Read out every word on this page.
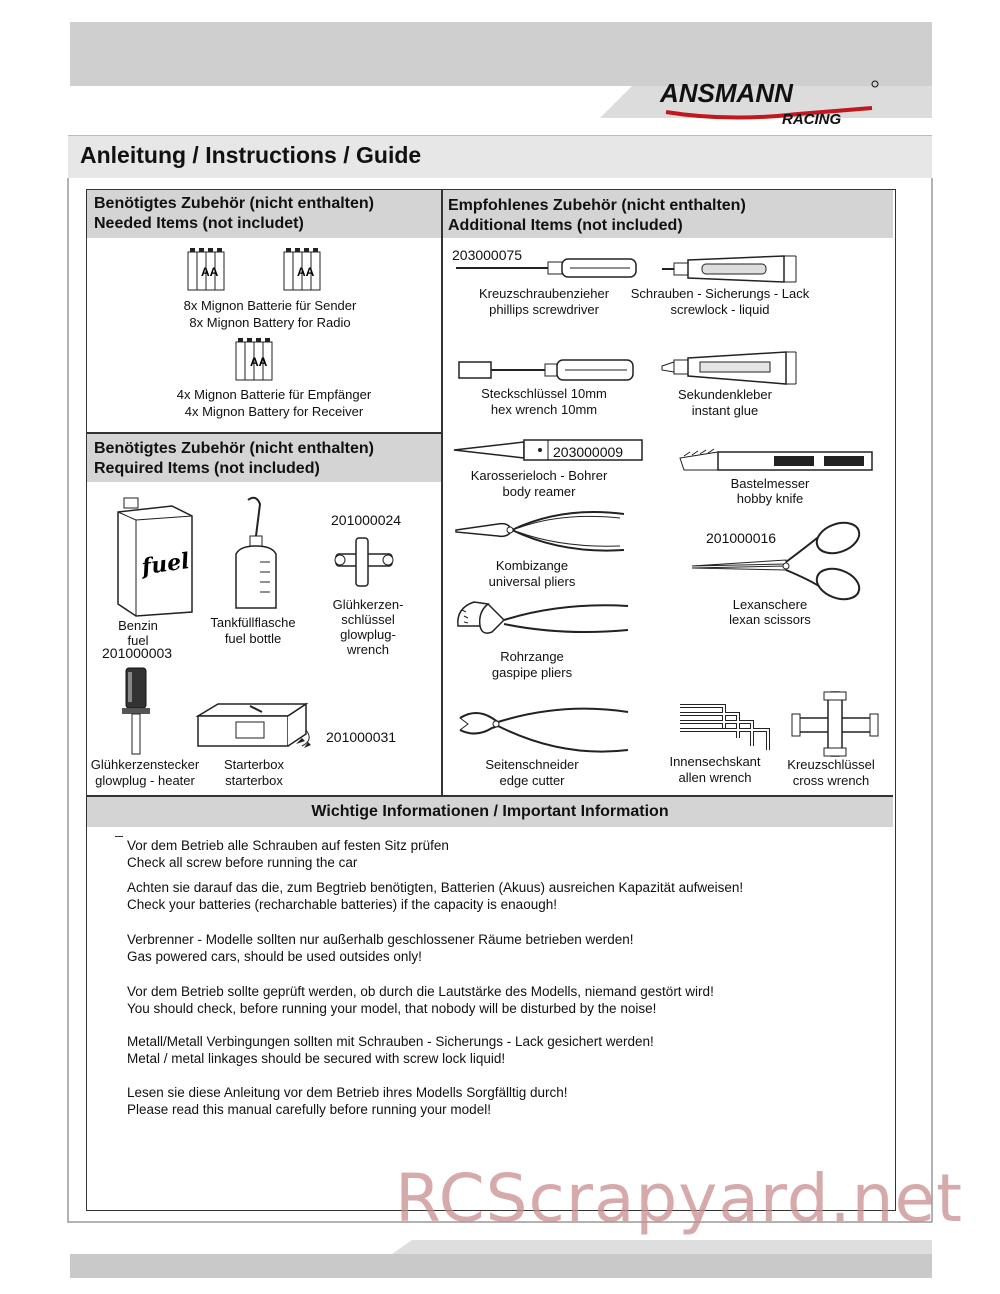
ANSMANN
RACING
Anleitung / Instructions / Guide
Benötigtes Zubehör (nicht enthalten)
Needed Items (not includet)
AA	AA
8x Mignon Batterie für Sender
8x Mignon Battery for Radio
AA
4x Mignon Batterie für Empfänger
4x Mignon Battery for Receiver
Benötigtes Zubehör (nicht enthalten)
Required Items (not included)
fuel
Benzin
fuel
Tankfüllflasche
fuel bottle
201000024
Glühkerzen-
schlüssel
glowplug-
wrench
201000003
Glühkerzenstecker
glowplug - heater
201000031
Starterbox
starterbox
Empfohlenes Zubehör (nicht enthalten)
Additional Items (not included)
203000075
Kreuzschraubenzieher
phillips screwdriver
Schrauben - Sicherungs - Lack
screwlock - liquid
Steckschlüssel 10mm
hex wrench 10mm
Sekundenkleber
instant glue
203000009
Karosserieloch - Bohrer
body reamer
Bastelmesser
hobby knife
Kombizange
universal pliers
201000016
Lexanschere
lexan scissors
Rohrzange
gaspipe pliers
Seitenschneider
edge cutter
Innensechskant
allen wrench
Kreuzschlüssel
cross wrench
Wichtige Informationen / Important Information
Vor dem Betrieb alle Schrauben auf festen Sitz prüfen
Check all screw before running the car
Achten sie darauf das die, zum Begtrieb benötigten, Batterien (Akuus) ausreichen Kapazität aufweisen!
Check your batteries (recharchable batteries) if the capacity is enaough!
Verbrenner - Modelle sollten nur außerhalb geschlossener Räume betrieben werden!
Gas powered cars, should be used outsides only!
Vor dem Betrieb sollte geprüft werden, ob durch die Lautstärke des Modells, niemand gestört wird!
You should check, before running your model, that nobody will be disturbed by the noise!
Metall/Metall Verbingungen sollten mit Schrauben - Sicherungs - Lack gesichert werden!
Metal / metal linkages should be secured with screw lock liquid!
Lesen sie diese Anleitung vor dem Betrieb ihres Modells Sorgfälltig durch!
Please read this manual carefully before running your model!
RCScrapyard.net
